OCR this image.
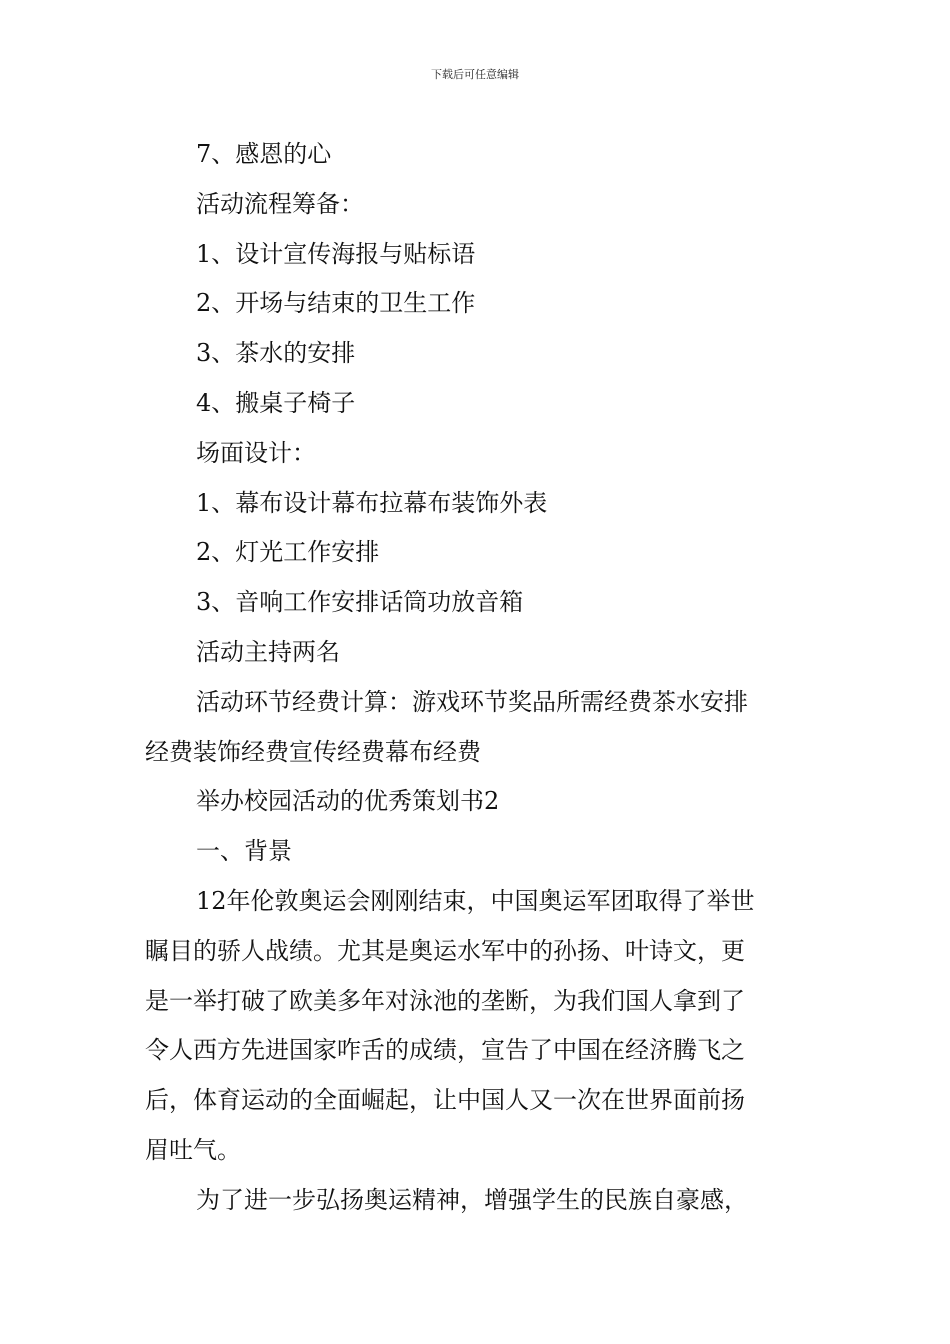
下载后可任意编辑
7、感恩的心
活动流程筹备：
1、设计宣传海报与贴标语
2、开场与结束的卫生工作
3、茶水的安排
4、搬桌子椅子
场面设计：
1、幕布设计幕布拉幕布装饰外表
2、灯光工作安排
3、音响工作安排话筒功放音箱
活动主持两名
活动环节经费计算：游戏环节奖品所需经费茶水安排
经费装饰经费宣传经费幕布经费
举办校园活动的优秀策划书2
一、背景
12年伦敦奥运会刚刚结束，中国奥运军团取得了举世
瞩目的骄人战绩。尤其是奥运水军中的孙扬、叶诗文，更
是一举打破了欧美多年对泳池的垄断，为我们国人拿到了
令人西方先进国家咋舌的成绩，宣告了中国在经济腾飞之
后，体育运动的全面崛起，让中国人又一次在世界面前扬
眉吐气。
为了进一步弘扬奥运精神，增强学生的民族自豪感，
